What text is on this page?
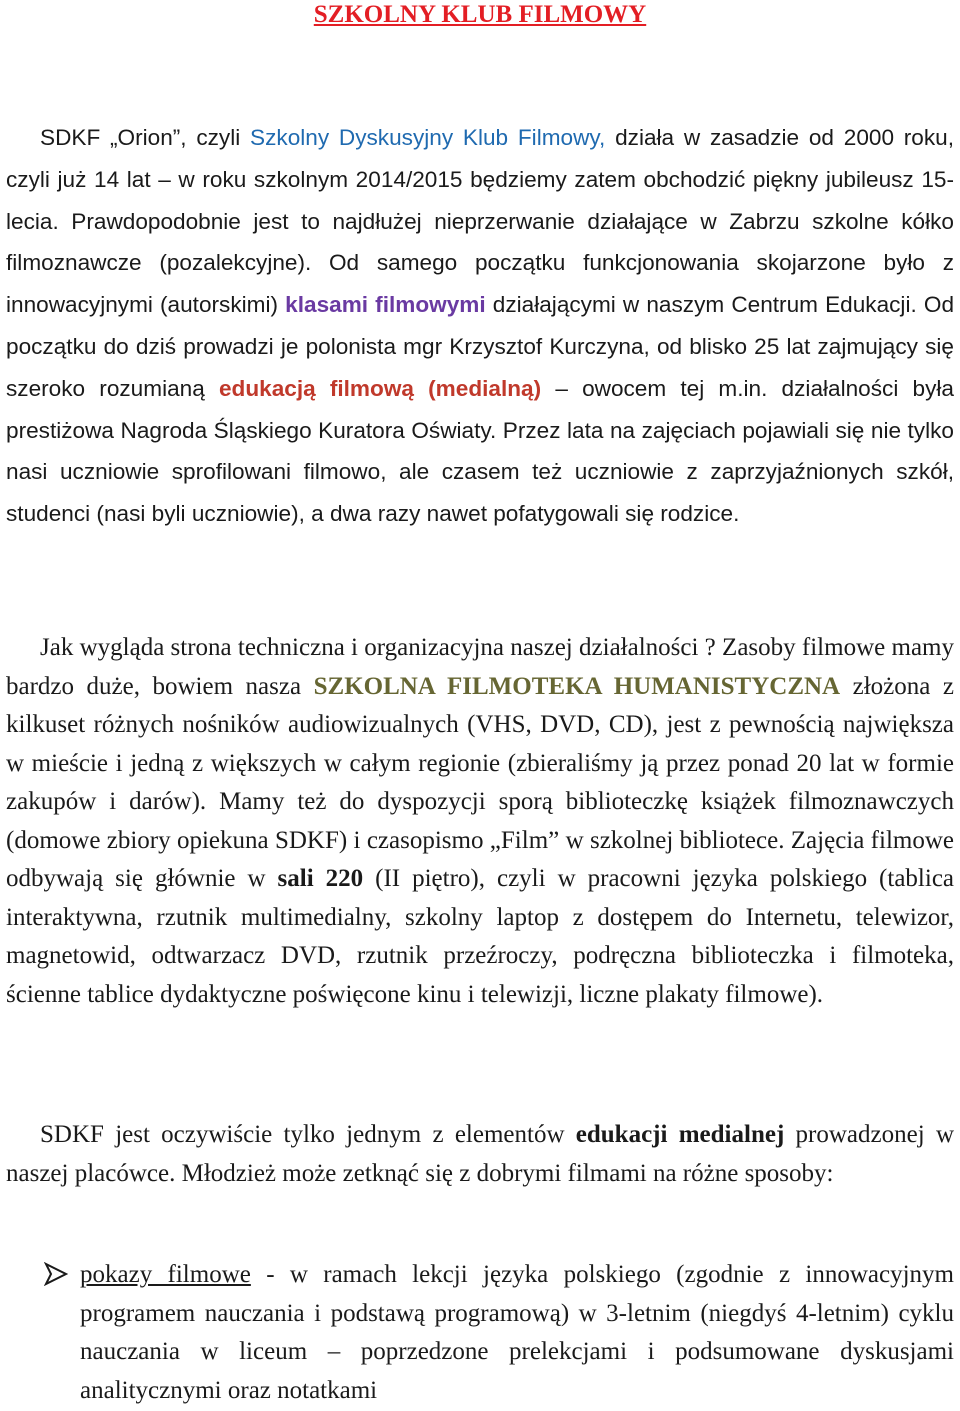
SZKOLNY KLUB FILMOWY

SDKF „Orion”, czyli Szkolny Dyskusyjny Klub Filmowy, działa w zasadzie od 2000 roku, czyli już 14 lat – w roku szkolnym 2014/2015 będziemy zatem obchodzić piękny jubileusz 15-lecia. Prawdopodobnie jest to najdłużej nieprzerwanie działające w Zabrzu szkolne kółko filmoznawcze (pozalekcyjne). Od samego początku funkcjonowania skojarzone było z innowacyjnymi (autorskimi) klasami filmowymi działającymi w naszym Centrum Edukacji. Od początku do dziś prowadzi je polonista mgr Krzysztof Kurczyna, od blisko 25 lat zajmujący się szeroko rozumianą edukacją filmową (medialną) – owocem tej m.in. działalności była prestiżowa Nagroda Śląskiego Kuratora Oświaty. Przez lata na zajęciach pojawiali się nie tylko nasi uczniowie sprofilowani filmowo, ale czasem też uczniowie z zaprzyjaźnionych szkół, studenci (nasi byli uczniowie), a dwa razy nawet pofatygowali się rodzice.

Jak wygląda strona techniczna i organizacyjna naszej działalności ? Zasoby filmowe mamy bardzo duże, bowiem nasza SZKOLNA FILMOTEKA HUMANISTYCZNA złożona z kilkuset różnych nośników audiowizualnych (VHS, DVD, CD), jest z pewnością największa w mieście i jedną z większych w całym regionie (zbieraliśmy ją przez ponad 20 lat w formie zakupów i darów). Mamy też do dyspozycji sporą biblioteczkę książek filmoznawczych (domowe zbiory opiekuna SDKF) i czasopismo „Film” w szkolnej bibliotece. Zajęcia filmowe odbywają się głównie w sali 220 (II piętro), czyli w pracowni języka polskiego (tablica interaktywna, rzutnik multimedialny, szkolny laptop z dostępem do Internetu, telewizor, magnetowid, odtwarzacz DVD, rzutnik przeźroczy, podręczna biblioteczka i filmoteka, ścienne tablice dydaktyczne poświęcone kinu i telewizji, liczne plakaty filmowe).

SDKF jest oczywiście tylko jednym z elementów edukacji medialnej prowadzonej w naszej placówce. Młodzież może zetknąć się z dobrymi filmami na różne sposoby:

pokazy filmowe - w ramach lekcji języka polskiego (zgodnie z innowacyjnym programem nauczania i podstawą programową) w 3-letnim (niegdyś 4-letnim) cyklu nauczania w liceum – poprzedzone prelekcjami i podsumowane dyskusjami analitycznymi oraz notatkami
